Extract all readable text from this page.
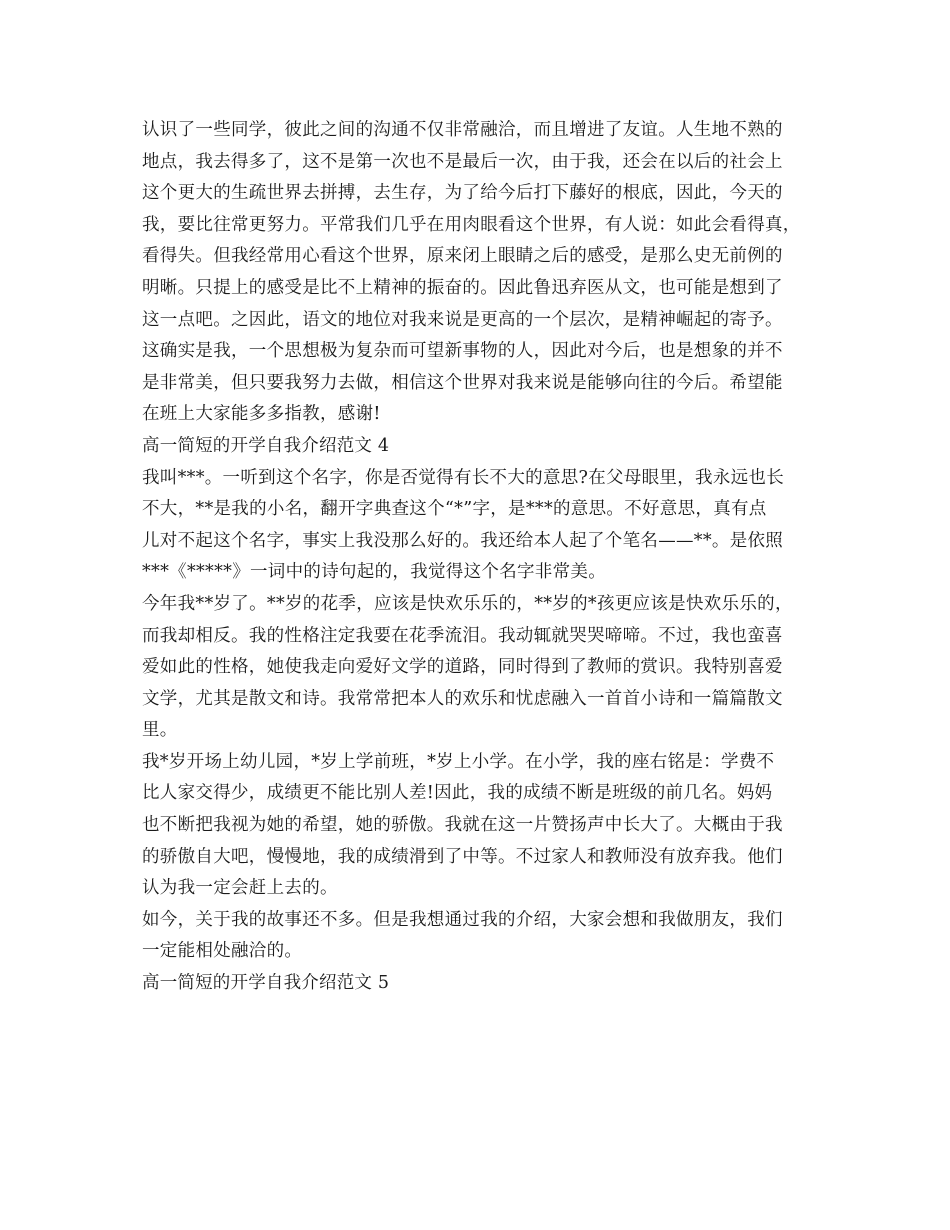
认识了一些同学，彼此之间的沟通不仅非常融洽，而且增进了友谊。人生地不熟的
地点，我去得多了，这不是第一次也不是最后一次，由于我，还会在以后的社会上
这个更大的生疏世界去拼搏，去生存，为了给今后打下藤好的根底，因此，今天的
我，要比往常更努力。平常我们几乎在用肉眼看这个世界，有人说：如此会看得真，
看得失。但我经常用心看这个世界，原来闭上眼睛之后的感受，是那么史无前例的
明晰。只提上的感受是比不上精神的振奋的。因此鲁迅弃医从文，也可能是想到了
这一点吧。之因此，语文的地位对我来说是更高的一个层次，是精神崛起的寄予。
这确实是我，一个思想极为复杂而可望新事物的人，因此对今后，也是想象的并不
是非常美，但只要我努力去做，相信这个世界对我来说是能够向往的今后。希望能
在班上大家能多多指教，感谢!
高一简短的开学自我介绍范文 4
我叫***。一听到这个名字，你是否觉得有长不大的意思?在父母眼里，我永远也长
不大，**是我的小名，翻开字典查这个“*”字，是***的意思。不好意思，真有点
儿对不起这个名字，事实上我没那么好的。我还给本人起了个笔名——**。是依照
***《*****》一词中的诗句起的，我觉得这个名字非常美。
今年我**岁了。**岁的花季，应该是快欢乐乐的，**岁的*孩更应该是快欢乐乐的，
而我却相反。我的性格注定我要在花季流泪。我动辄就哭哭啼啼。不过，我也蛮喜
爱如此的性格，她使我走向爱好文学的道路，同时得到了教师的赏识。我特别喜爱
文学，尤其是散文和诗。我常常把本人的欢乐和忧虑融入一首首小诗和一篇篇散文
里。
我*岁开场上幼儿园，*岁上学前班，*岁上小学。在小学，我的座右铭是：学费不
比人家交得少，成绩更不能比别人差!因此，我的成绩不断是班级的前几名。妈妈
也不断把我视为她的希望，她的骄傲。我就在这一片赞扬声中长大了。大概由于我
的骄傲自大吧，慢慢地，我的成绩滑到了中等。不过家人和教师没有放弃我。他们
认为我一定会赶上去的。
如今，关于我的故事还不多。但是我想通过我的介绍，大家会想和我做朋友，我们
一定能相处融洽的。
高一简短的开学自我介绍范文 5
